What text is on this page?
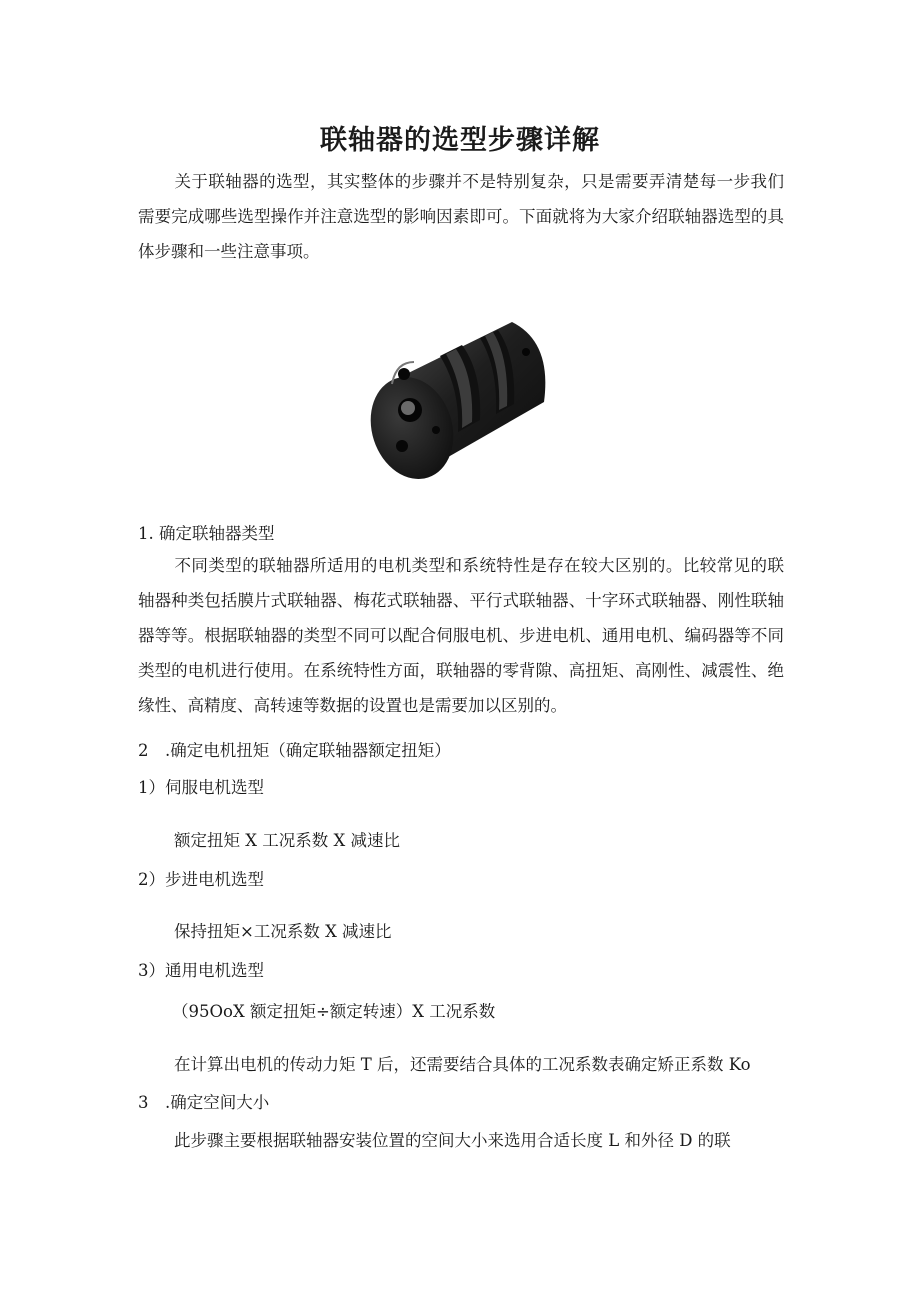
联轴器的选型步骤详解
关于联轴器的选型，其实整体的步骤并不是特别复杂，只是需要弄清楚每一步我们需要完成哪些选型操作并注意选型的影响因素即可。下面就将为大家介绍联轴器选型的具体步骤和一些注意事项。
1. 确定联轴器类型
不同类型的联轴器所适用的电机类型和系统特性是存在较大区别的。比较常见的联轴器种类包括膜片式联轴器、梅花式联轴器、平行式联轴器、十字环式联轴器、刚性联轴器等等。根据联轴器的类型不同可以配合伺服电机、步进电机、通用电机、编码器等不同类型的电机进行使用。在系统特性方面，联轴器的零背隙、高扭矩、高刚性、减震性、绝缘性、高精度、高转速等数据的设置也是需要加以区别的。
2　.确定电机扭矩（确定联轴器额定扭矩）
1）伺服电机选型
额定扭矩 X 工况系数 X 减速比
2）步进电机选型
保持扭矩×工况系数 X 减速比
3）通用电机选型
（95OoX 额定扭矩÷额定转速）X 工况系数
在计算出电机的传动力矩 T 后，还需要结合具体的工况系数表确定矫正系数 Ko
3　.确定空间大小
此步骤主要根据联轴器安装位置的空间大小来选用合适长度 L 和外径 D 的联
